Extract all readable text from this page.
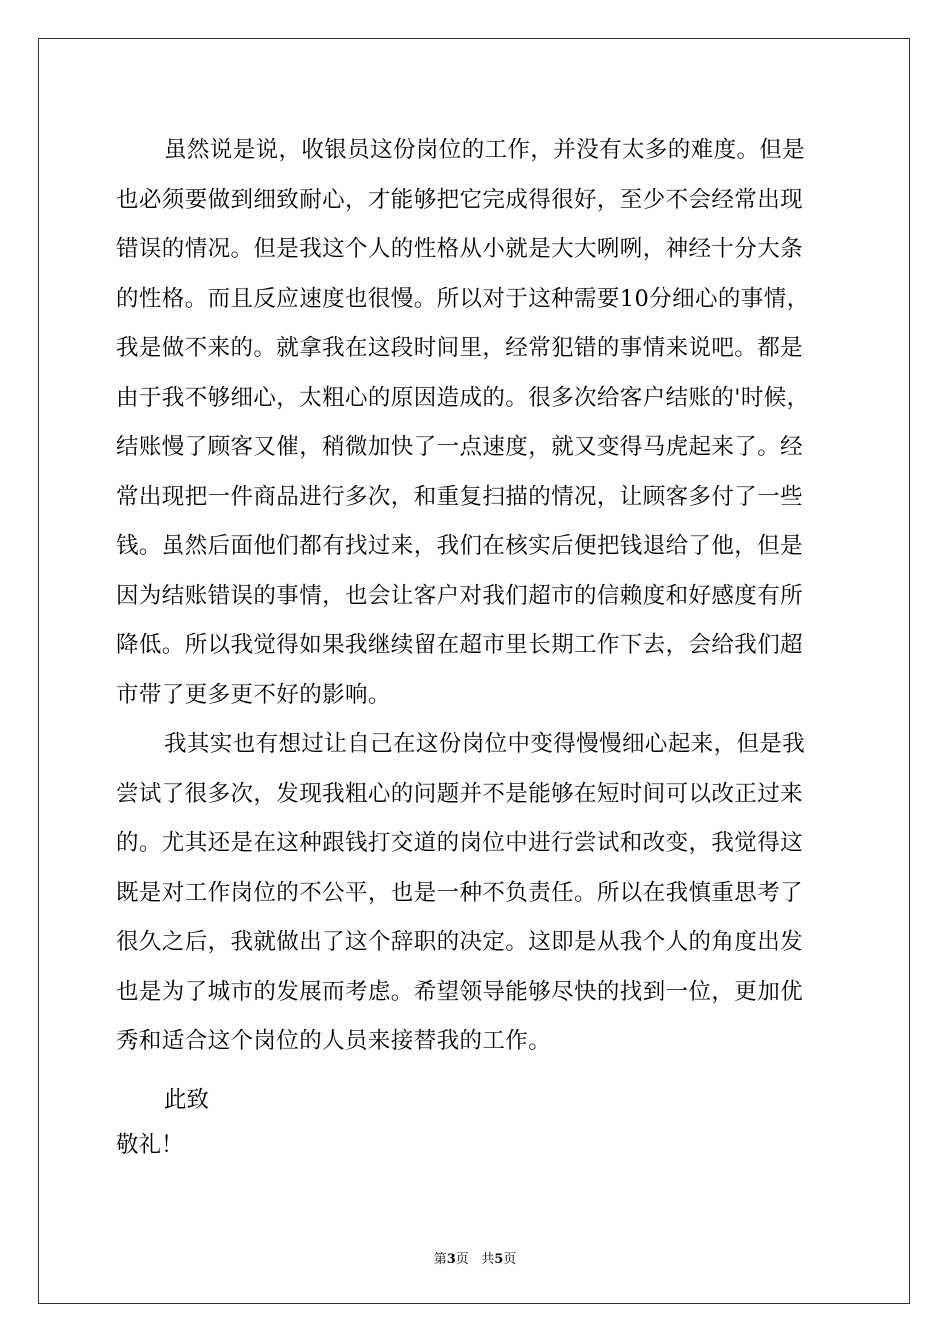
虽然说是说，收银员这份岗位的工作，并没有太多的难度。但是
也必须要做到细致耐心，才能够把它完成得很好，至少不会经常出现
错误的情况。但是我这个人的性格从小就是大大咧咧，神经十分大条
的性格。而且反应速度也很慢。所以对于这种需要10分细心的事情，
我是做不来的。就拿我在这段时间里，经常犯错的事情来说吧。都是
由于我不够细心，太粗心的原因造成的。很多次给客户结账的'时候，
结账慢了顾客又催，稍微加快了一点速度，就又变得马虎起来了。经
常出现把一件商品进行多次，和重复扫描的情况，让顾客多付了一些
钱。虽然后面他们都有找过来，我们在核实后便把钱退给了他，但是
因为结账错误的事情，也会让客户对我们超市的信赖度和好感度有所
降低。所以我觉得如果我继续留在超市里长期工作下去，会给我们超
市带了更多更不好的影响。
我其实也有想过让自己在这份岗位中变得慢慢细心起来，但是我
尝试了很多次，发现我粗心的问题并不是能够在短时间可以改正过来
的。尤其还是在这种跟钱打交道的岗位中进行尝试和改变，我觉得这
既是对工作岗位的不公平，也是一种不负责任。所以在我慎重思考了
很久之后，我就做出了这个辞职的决定。这即是从我个人的角度出发
也是为了城市的发展而考虑。希望领导能够尽快的找到一位，更加优
秀和适合这个岗位的人员来接替我的工作。
此致
敬礼！
第3页 共5页
